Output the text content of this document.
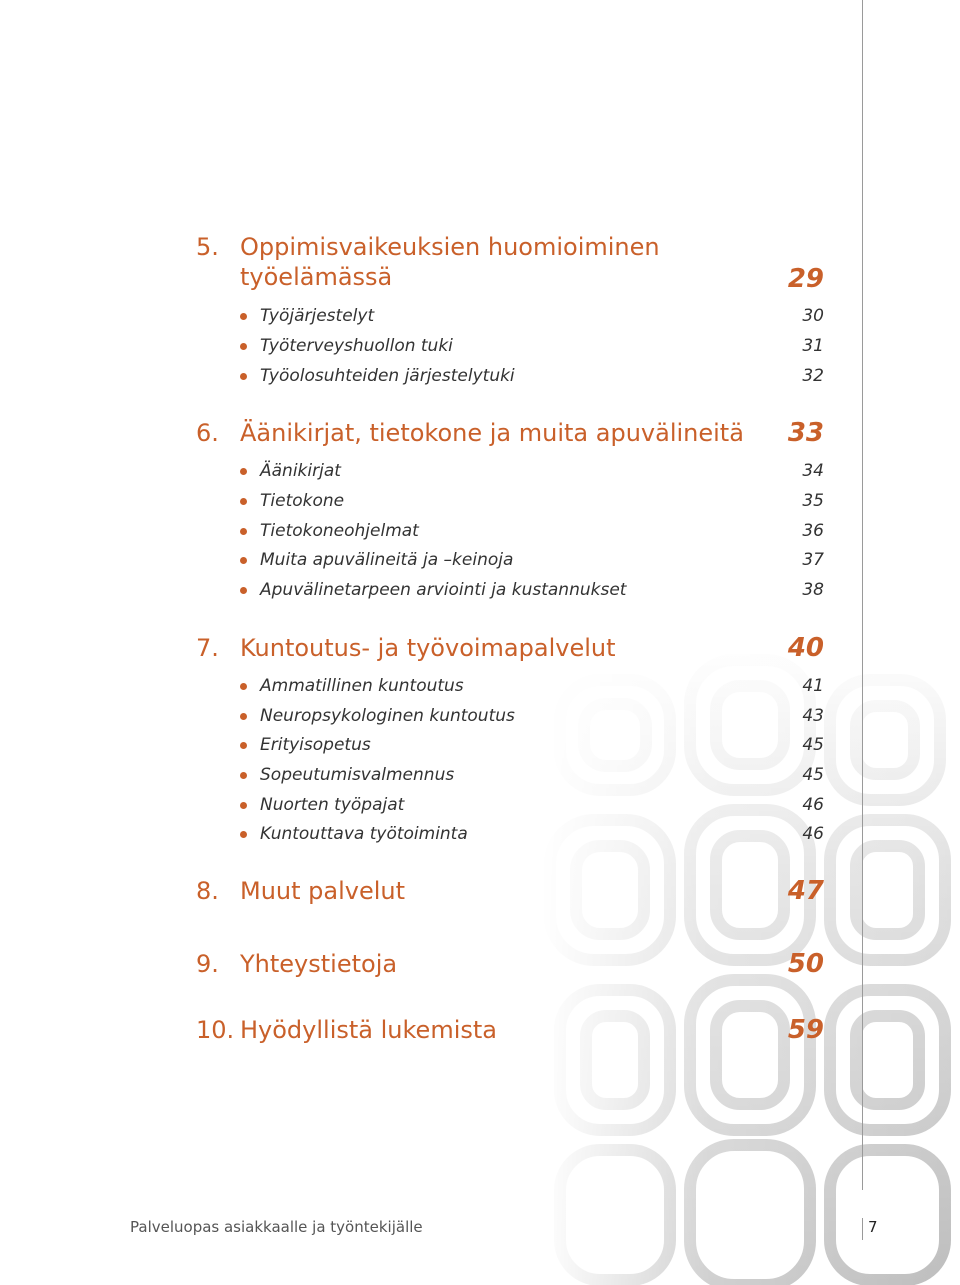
5. Oppimisvaikeuksien huomioiminen
työelämässä	29
Työjärjestelyt	30
Työterveyshuollon tuki	31
Työolosuhteiden järjestelytuki	32
6. Äänikirjat, tietokone ja muita apuvälineitä	33
Äänikirjat	34
Tietokone	35
Tietokoneohjelmat	36
Muita apuvälineitä ja –keinoja	37
Apuvälinetarpeen arviointi ja kustannukset	38
7. Kuntoutus- ja työvoimapalvelut	40
Ammatillinen kuntoutus	41
Neuropsykologinen kuntoutus	43
Erityisopetus	45
Sopeutumisvalmennus	45
Nuorten työpajat	46
Kuntouttava työtoiminta	46
8. Muut palvelut	47
9. Yhteystietoja	50
10. Hyödyllistä lukemista	59
Palveluopas asiakkaalle ja työntekijälle	7
